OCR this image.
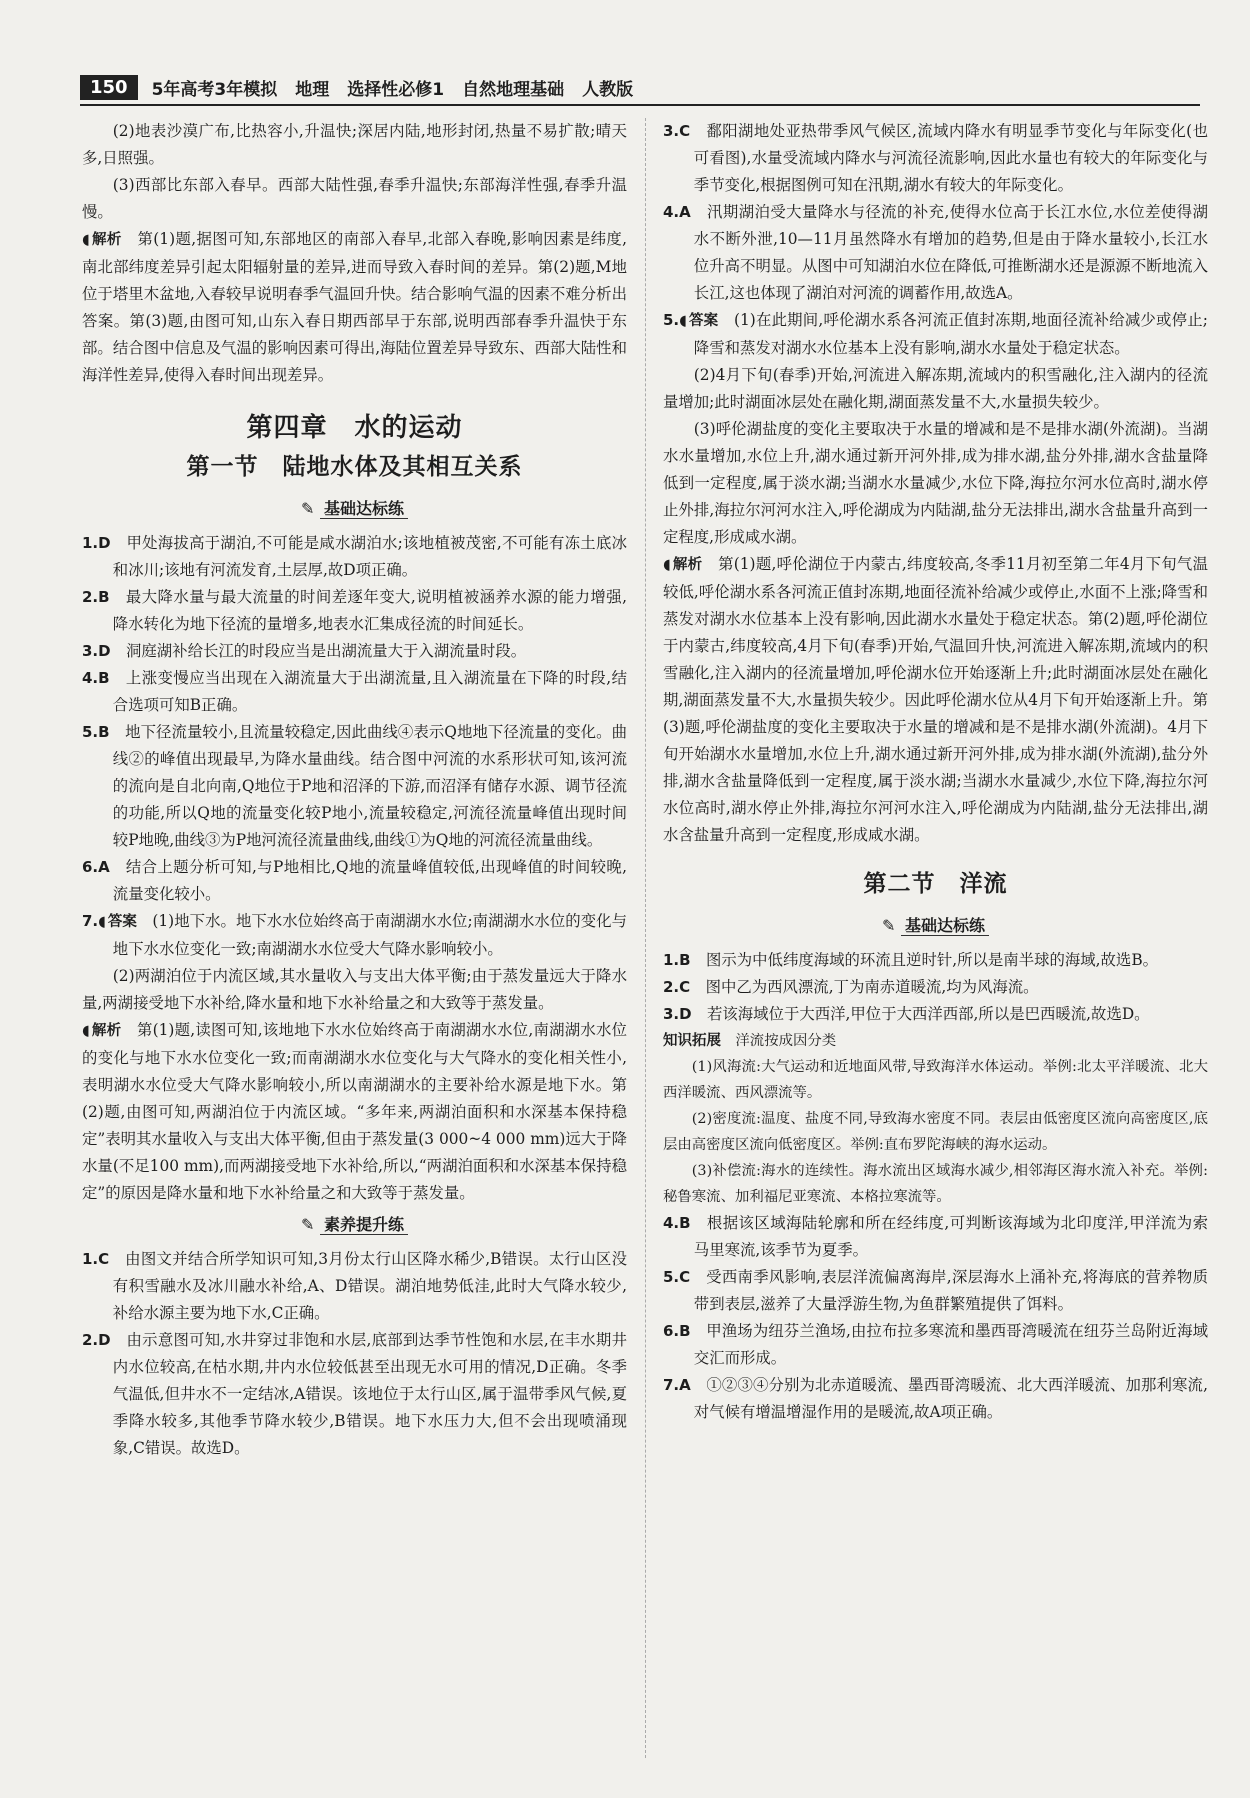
150	5年高考3年模拟 地理 选择性必修1 自然地理基础 人教版

(2)地表沙漠广布,比热容小,升温快;深居内陆,地形封闭,热量不易扩散;晴天多,日照强。

(3)西部比东部入春早。西部大陆性强,春季升温快;东部海洋性强,春季升温慢。

◖ 解析　 第(1)题,据图可知,东部地区的南部入春早,北部入春晚,影响因素是纬度,南北部纬度差异引起太阳辐射量的差异,进而导致入春时间的差异。第(2)题,M地位于塔里木盆地,入春较早说明春季气温回升快。结合影响气温的因素不难分析出答案。第(3)题,由图可知,山东入春日期西部早于东部,说明西部春季升温快于东部。结合图中信息及气温的影响因素可得出,海陆位置差异导致东、西部大陆性和海洋性差异,使得入春时间出现差异。

第四章　水的运动
第一节　陆地水体及其相互关系
✎ 基础达标练

1.D　 甲处海拔高于湖泊,不可能是咸水湖泊水;该地植被茂密,不可能有冻土底冰和冰川;该地有河流发育,土层厚,故D项正确。

2.B　 最大降水量与最大流量的时间差逐年变大,说明植被涵养水源的能力增强,降水转化为地下径流的量增多,地表水汇集成径流的时间延长。

3.D　 洞庭湖补给长江的时段应当是出湖流量大于入湖流量时段。

4.B　 上涨变慢应当出现在入湖流量大于出湖流量,且入湖流量在下降的时段,结合选项可知B正确。

5.B　 地下径流量较小,且流量较稳定,因此曲线④表示Q地地下径流量的变化。曲线②的峰值出现最早,为降水量曲线。结合图中河流的水系形状可知,该河流的流向是自北向南,Q地位于P地和沼泽的下游,而沼泽有储存水源、调节径流的功能,所以Q地的流量变化较P地小,流量较稳定,河流径流量峰值出现时间较P地晚,曲线③为P地河流径流量曲线,曲线①为Q地的河流径流量曲线。

6.A　 结合上题分析可知,与P地相比,Q地的流量峰值较低,出现峰值的时间较晚,流量变化较小。

7. ◖ 答案　 (1)地下水。地下水水位始终高于南湖湖水水位;南湖湖水水位的变化与地下水水位变化一致;南湖湖水水位受大气降水影响较小。

(2)两湖泊位于内流区域,其水量收入与支出大体平衡;由于蒸发量远大于降水量,两湖接受地下水补给,降水量和地下水补给量之和大致等于蒸发量。

◖ 解析　 第(1)题,读图可知,该地地下水水位始终高于南湖湖水水位,南湖湖水水位的变化与地下水水位变化一致;而南湖湖水水位变化与大气降水的变化相关性小,表明湖水水位受大气降水影响较小,所以南湖湖水的主要补给水源是地下水。第(2)题,由图可知,两湖泊位于内流区域。“多年来,两湖泊面积和水深基本保持稳定”表明其水量收入与支出大体平衡,但由于蒸发量(3 000~4 000 mm)远大于降水量(不足100 mm),而两湖接受地下水补给,所以,“两湖泊面积和水深基本保持稳定”的原因是降水量和地下水补给量之和大致等于蒸发量。

✎ 素养提升练

1.C　 由图文并结合所学知识可知,3月份太行山区降水稀少,B错误。太行山区没有积雪融水及冰川融水补给,A、D错误。湖泊地势低洼,此时大气降水较少,补给水源主要为地下水,C正确。

2.D　 由示意图可知,水井穿过非饱和水层,底部到达季节性饱和水层,在丰水期井内水位较高,在枯水期,井内水位较低甚至出现无水可用的情况,D正确。冬季气温低,但井水不一定结冰,A错误。该地位于太行山区,属于温带季风气候,夏季降水较多,其他季节降水较少,B错误。地下水压力大,但不会出现喷涌现象,C错误。故选D。

3.C　 鄱阳湖地处亚热带季风气候区,流域内降水有明显季节变化与年际变化(也可看图),水量受流域内降水与河流径流影响,因此水量也有较大的年际变化与季节变化,根据图例可知在汛期,湖水有较大的年际变化。

4.A　 汛期湖泊受大量降水与径流的补充,使得水位高于长江水位,水位差使得湖水不断外泄,10—11月虽然降水有增加的趋势,但是由于降水量较小,长江水位升高不明显。从图中可知湖泊水位在降低,可推断湖水还是源源不断地流入长江,这也体现了湖泊对河流的调蓄作用,故选A。

5. ◖ 答案　 (1)在此期间,呼伦湖水系各河流正值封冻期,地面径流补给减少或停止;降雪和蒸发对湖水水位基本上没有影响,湖水水量处于稳定状态。

(2)4月下旬(春季)开始,河流进入解冻期,流域内的积雪融化,注入湖内的径流量增加;此时湖面冰层处在融化期,湖面蒸发量不大,水量损失较少。

(3)呼伦湖盐度的变化主要取决于水量的增减和是不是排水湖(外流湖)。当湖水水量增加,水位上升,湖水通过新开河外排,成为排水湖,盐分外排,湖水含盐量降低到一定程度,属于淡水湖;当湖水水量减少,水位下降,海拉尔河水位高时,湖水停止外排,海拉尔河河水注入,呼伦湖成为内陆湖,盐分无法排出,湖水含盐量升高到一定程度,形成咸水湖。

◖ 解析　 第(1)题,呼伦湖位于内蒙古,纬度较高,冬季11月初至第二年4月下旬气温较低,呼伦湖水系各河流正值封冻期,地面径流补给减少或停止,水面不上涨;降雪和蒸发对湖水水位基本上没有影响,因此湖水水量处于稳定状态。第(2)题,呼伦湖位于内蒙古,纬度较高,4月下旬(春季)开始,气温回升快,河流进入解冻期,流域内的积雪融化,注入湖内的径流量增加,呼伦湖水位开始逐渐上升;此时湖面冰层处在融化期,湖面蒸发量不大,水量损失较少。因此呼伦湖水位从4月下旬开始逐渐上升。第(3)题,呼伦湖盐度的变化主要取决于水量的增减和是不是排水湖(外流湖)。4月下旬开始湖水水量增加,水位上升,湖水通过新开河外排,成为排水湖(外流湖),盐分外排,湖水含盐量降低到一定程度,属于淡水湖;当湖水水量减少,水位下降,海拉尔河水位高时,湖水停止外排,海拉尔河河水注入,呼伦湖成为内陆湖,盐分无法排出,湖水含盐量升高到一定程度,形成咸水湖。

第二节　洋流
✎ 基础达标练

1.B　 图示为中低纬度海域的环流且逆时针,所以是南半球的海域,故选B。

2.C　 图中乙为西风漂流,丁为南赤道暖流,均为风海流。

3.D　 若该海域位于大西洋,甲位于大西洋西部,所以是巴西暖流,故选D。

知识拓展　 洋流按成因分类

(1)风海流:大气运动和近地面风带,导致海洋水体运动。举例:北太平洋暖流、北大西洋暖流、西风漂流等。

(2)密度流:温度、盐度不同,导致海水密度不同。表层由低密度区流向高密度区,底层由高密度区流向低密度区。举例:直布罗陀海峡的海水运动。

(3)补偿流:海水的连续性。海水流出区域海水减少,相邻海区海水流入补充。举例:秘鲁寒流、加利福尼亚寒流、本格拉寒流等。

4.B　 根据该区域海陆轮廓和所在经纬度,可判断该海域为北印度洋,甲洋流为索马里寒流,该季节为夏季。

5.C　 受西南季风影响,表层洋流偏离海岸,深层海水上涌补充,将海底的营养物质带到表层,滋养了大量浮游生物,为鱼群繁殖提供了饵料。

6.B　 甲渔场为纽芬兰渔场,由拉布拉多寒流和墨西哥湾暖流在纽芬兰岛附近海域交汇而形成。

7.A　 ①②③④分别为北赤道暖流、墨西哥湾暖流、北大西洋暖流、加那利寒流,对气候有增温增湿作用的是暖流,故A项正确。
